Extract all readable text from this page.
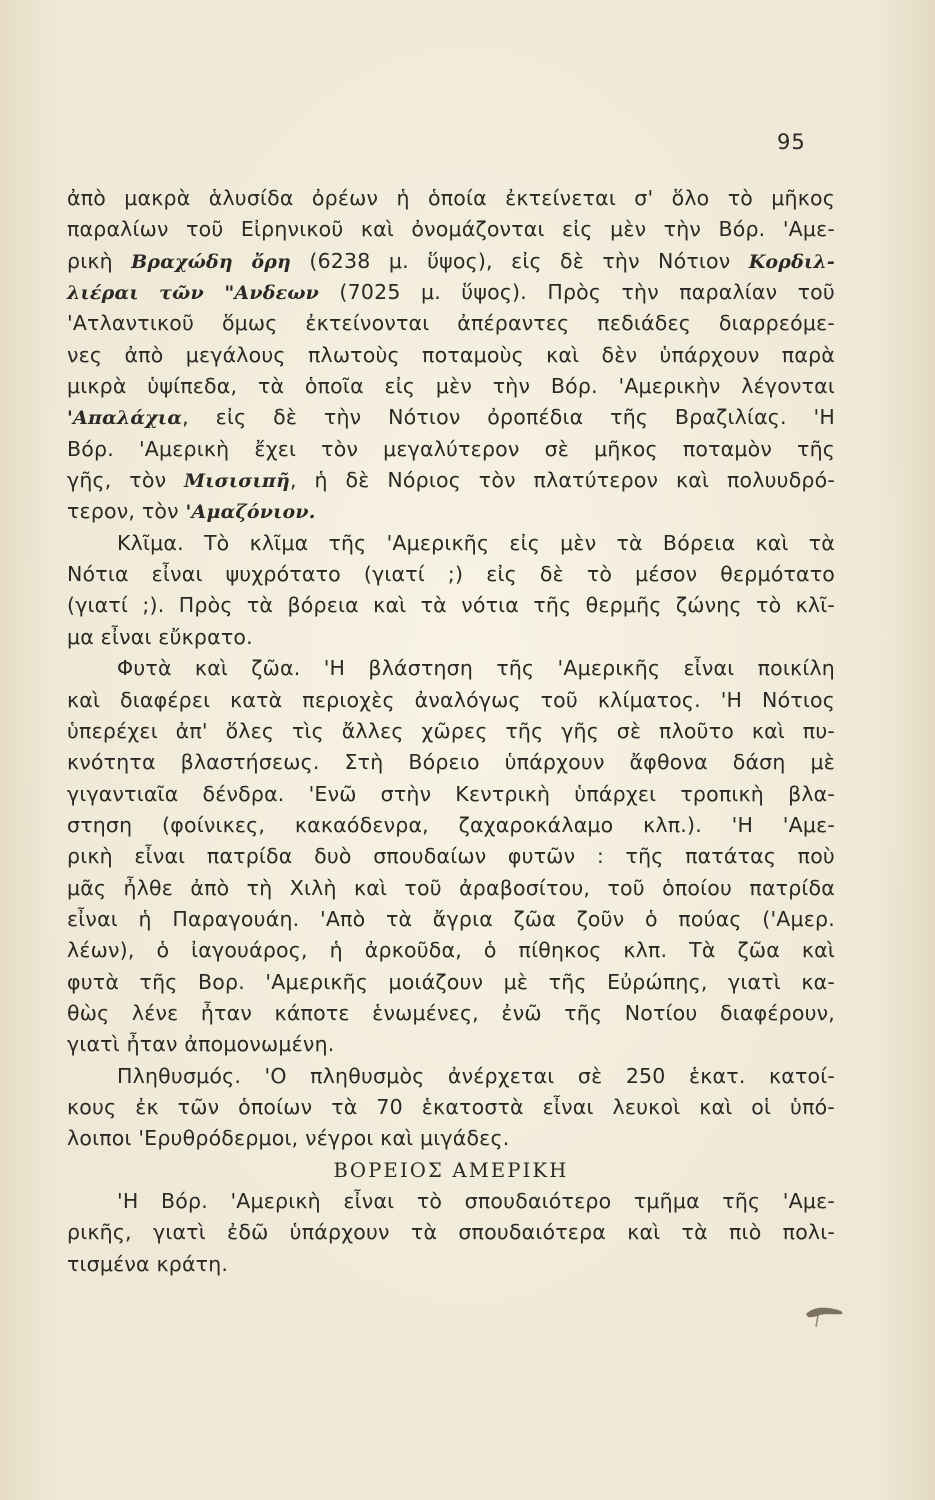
95
ἀπὸ μακρὰ ἁλυσίδα ὀρέων ἡ ὁποία ἐκτείνεται σ' ὅλο τὸ μῆκος
παραλίων τοῦ Εἰρηνικοῦ καὶ ὀνομάζονται εἰς μὲν τὴν Βόρ. 'Αμε-
ρικὴ Βραχώδη ὄρη (6238 μ. ὕψος), εἰς δὲ τὴν Νότιον Κορδιλ-
λιέραι τῶν "Ανδεων (7025 μ. ὕψος). Πρὸς τὴν παραλίαν τοῦ
'Ατλαντικοῦ ὅμως ἐκτείνονται ἀπέραντες πεδιάδες διαρρεόμε-
νες ἀπὸ μεγάλους πλωτοὺς ποταμοὺς καὶ δὲν ὑπάρχουν παρὰ
μικρὰ ὑψίπεδα, τὰ ὁποῖα εἰς μὲν τὴν Βόρ. 'Αμερικὴν λέγονται
'Απαλάχια, εἰς δὲ τὴν Νότιον ὀροπέδια τῆς Βραζιλίας. 'Η
Βόρ. 'Αμερικὴ ἔχει τὸν μεγαλύτερον σὲ μῆκος ποταμὸν τῆς
γῆς, τὸν Μισισιπῆ, ἡ δὲ Νόριος τὸν πλατύτερον καὶ πολυυδρό-
τερον, τὸν 'Αμαζόνιον.
Κλῖμα. Τὸ κλῖμα τῆς 'Αμερικῆς εἰς μὲν τὰ Βόρεια καὶ τὰ
Νότια εἶναι ψυχρότατο (γιατί ;) εἰς δὲ τὸ μέσον θερμότατο
(γιατί ;). Πρὸς τὰ βόρεια καὶ τὰ νότια τῆς θερμῆς ζώνης τὸ κλῖ-
μα εἶναι εὔκρατο.
Φυτὰ καὶ ζῶα. 'Η βλάστηση τῆς 'Αμερικῆς εἶναι ποικίλη
καὶ διαφέρει κατὰ περιοχὲς ἀναλόγως τοῦ κλίματος. 'Η Νότιος
ὑπερέχει ἀπ' ὅλες τὶς ἄλλες χῶρες τῆς γῆς σὲ πλοῦτο καὶ πυ-
κνότητα βλαστήσεως. Στὴ Βόρειο ὑπάρχουν ἄφθονα δάση μὲ
γιγαντιαῖα δένδρα. 'Ενῶ στὴν Κεντρικὴ ὑπάρχει τροπικὴ βλα-
στηση (φοίνικες, κακαόδενρα, ζαχαροκάλαμο κλπ.). 'Η 'Αμε-
ρικὴ εἶναι πατρίδα δυὸ σπουδαίων φυτῶν : τῆς πατάτας ποὺ
μᾶς ἦλθε ἀπὸ τὴ Χιλὴ καὶ τοῦ ἀραβοσίτου, τοῦ ὁποίου πατρίδα
εἶναι ἡ Παραγουάη. 'Απὸ τὰ ἄγρια ζῶα ζοῦν ὁ πούας ('Αμερ.
λέων), ὁ ἰαγουάρος, ἡ ἀρκοῦδα, ὁ πίθηκος κλπ. Τὰ ζῶα καὶ
φυτὰ τῆς Βορ. 'Αμερικῆς μοιάζουν μὲ τῆς Εὐρώπης, γιατὶ κα-
θὼς λένε ἦταν κάποτε ἑνωμένες, ἐνῶ τῆς Νοτίου διαφέρουν,
γιατὶ ἦταν ἀπομονωμένη.
Πληθυσμός. 'Ο πληθυσμὸς ἀνέρχεται σὲ 250 ἑκατ. κατοί-
κους ἐκ τῶν ὁποίων τὰ 70 ἑκατοστὰ εἶναι λευκοὶ καὶ οἱ ὑπό-
λοιποι 'Ερυθρόδερμοι, νέγροι καὶ μιγάδες.
ΒΟΡΕΙΟΣ ΑΜΕΡΙΚΗ
'Η Βόρ. 'Αμερικὴ εἶναι τὸ σπουδαιότερο τμῆμα τῆς 'Αμε-
ρικῆς, γιατὶ ἐδῶ ὑπάρχουν τὰ σπουδαιότερα καὶ τὰ πιὸ πολι-
τισμένα κράτη.
